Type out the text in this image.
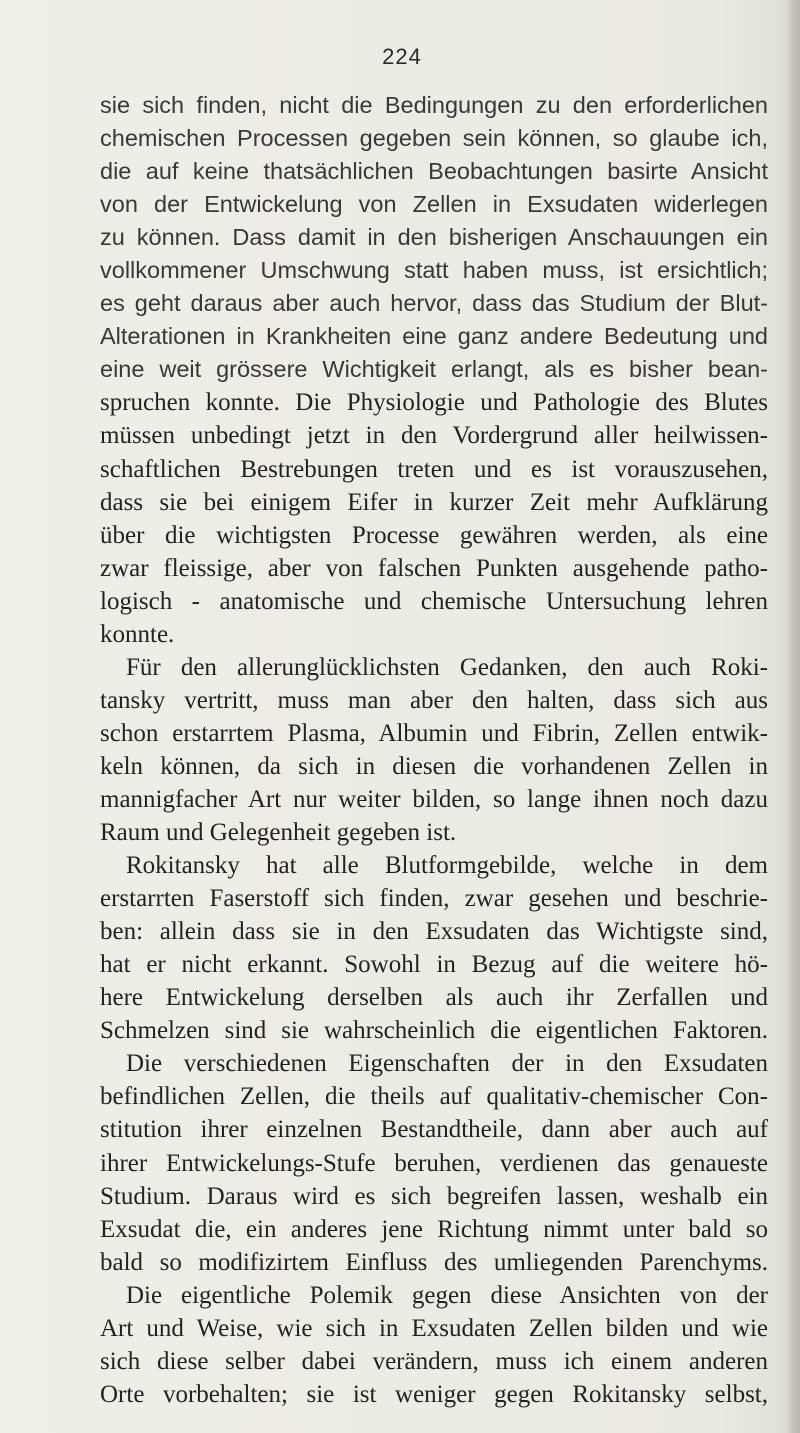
224
sie sich finden, nicht die Bedingungen zu den erforderlichen
chemischen Processen gegeben sein können, so glaube ich,
die auf keine thatsächlichen Beobachtungen basirte Ansicht
von der Entwickelung von Zellen in Exsudaten widerlegen
zu können. Dass damit in den bisherigen Anschauungen ein
vollkommener Umschwung statt haben muss, ist ersichtlich;
es geht daraus aber auch hervor, dass das Studium der Blut-
Alterationen in Krankheiten eine ganz andere Bedeutung und
eine weit grössere Wichtigkeit erlangt, als es bisher bean-
spruchen konnte. Die Physiologie und Pathologie des Blutes
müssen unbedingt jetzt in den Vordergrund aller heilwissen-
schaftlichen Bestrebungen treten und es ist vorauszusehen,
dass sie bei einigem Eifer in kurzer Zeit mehr Aufklärung
über die wichtigsten Processe gewähren werden, als eine
zwar fleissige, aber von falschen Punkten ausgehende patho-
logisch - anatomische und chemische Untersuchung lehren
konnte.
Für den allerunglücklichsten Gedanken, den auch Roki-
tansky vertritt, muss man aber den halten, dass sich aus
schon erstarrtem Plasma, Albumin und Fibrin, Zellen entwik-
keln können, da sich in diesen die vorhandenen Zellen in
mannigfacher Art nur weiter bilden, so lange ihnen noch dazu
Raum und Gelegenheit gegeben ist.
Rokitansky hat alle Blutformgebilde, welche in dem
erstarrten Faserstoff sich finden, zwar gesehen und beschrie-
ben: allein dass sie in den Exsudaten das Wichtigste sind,
hat er nicht erkannt. Sowohl in Bezug auf die weitere hö-
here Entwickelung derselben als auch ihr Zerfallen und
Schmelzen sind sie wahrscheinlich die eigentlichen Faktoren.
Die verschiedenen Eigenschaften der in den Exsudaten
befindlichen Zellen, die theils auf qualitativ-chemischer Con-
stitution ihrer einzelnen Bestandtheile, dann aber auch auf
ihrer Entwickelungs-Stufe beruhen, verdienen das genaueste
Studium. Daraus wird es sich begreifen lassen, weshalb ein
Exsudat die, ein anderes jene Richtung nimmt unter bald so
bald so modifizirtem Einfluss des umliegenden Parenchyms.
Die eigentliche Polemik gegen diese Ansichten von der
Art und Weise, wie sich in Exsudaten Zellen bilden und wie
sich diese selber dabei verändern, muss ich einem anderen
Orte vorbehalten; sie ist weniger gegen Rokitansky selbst,
